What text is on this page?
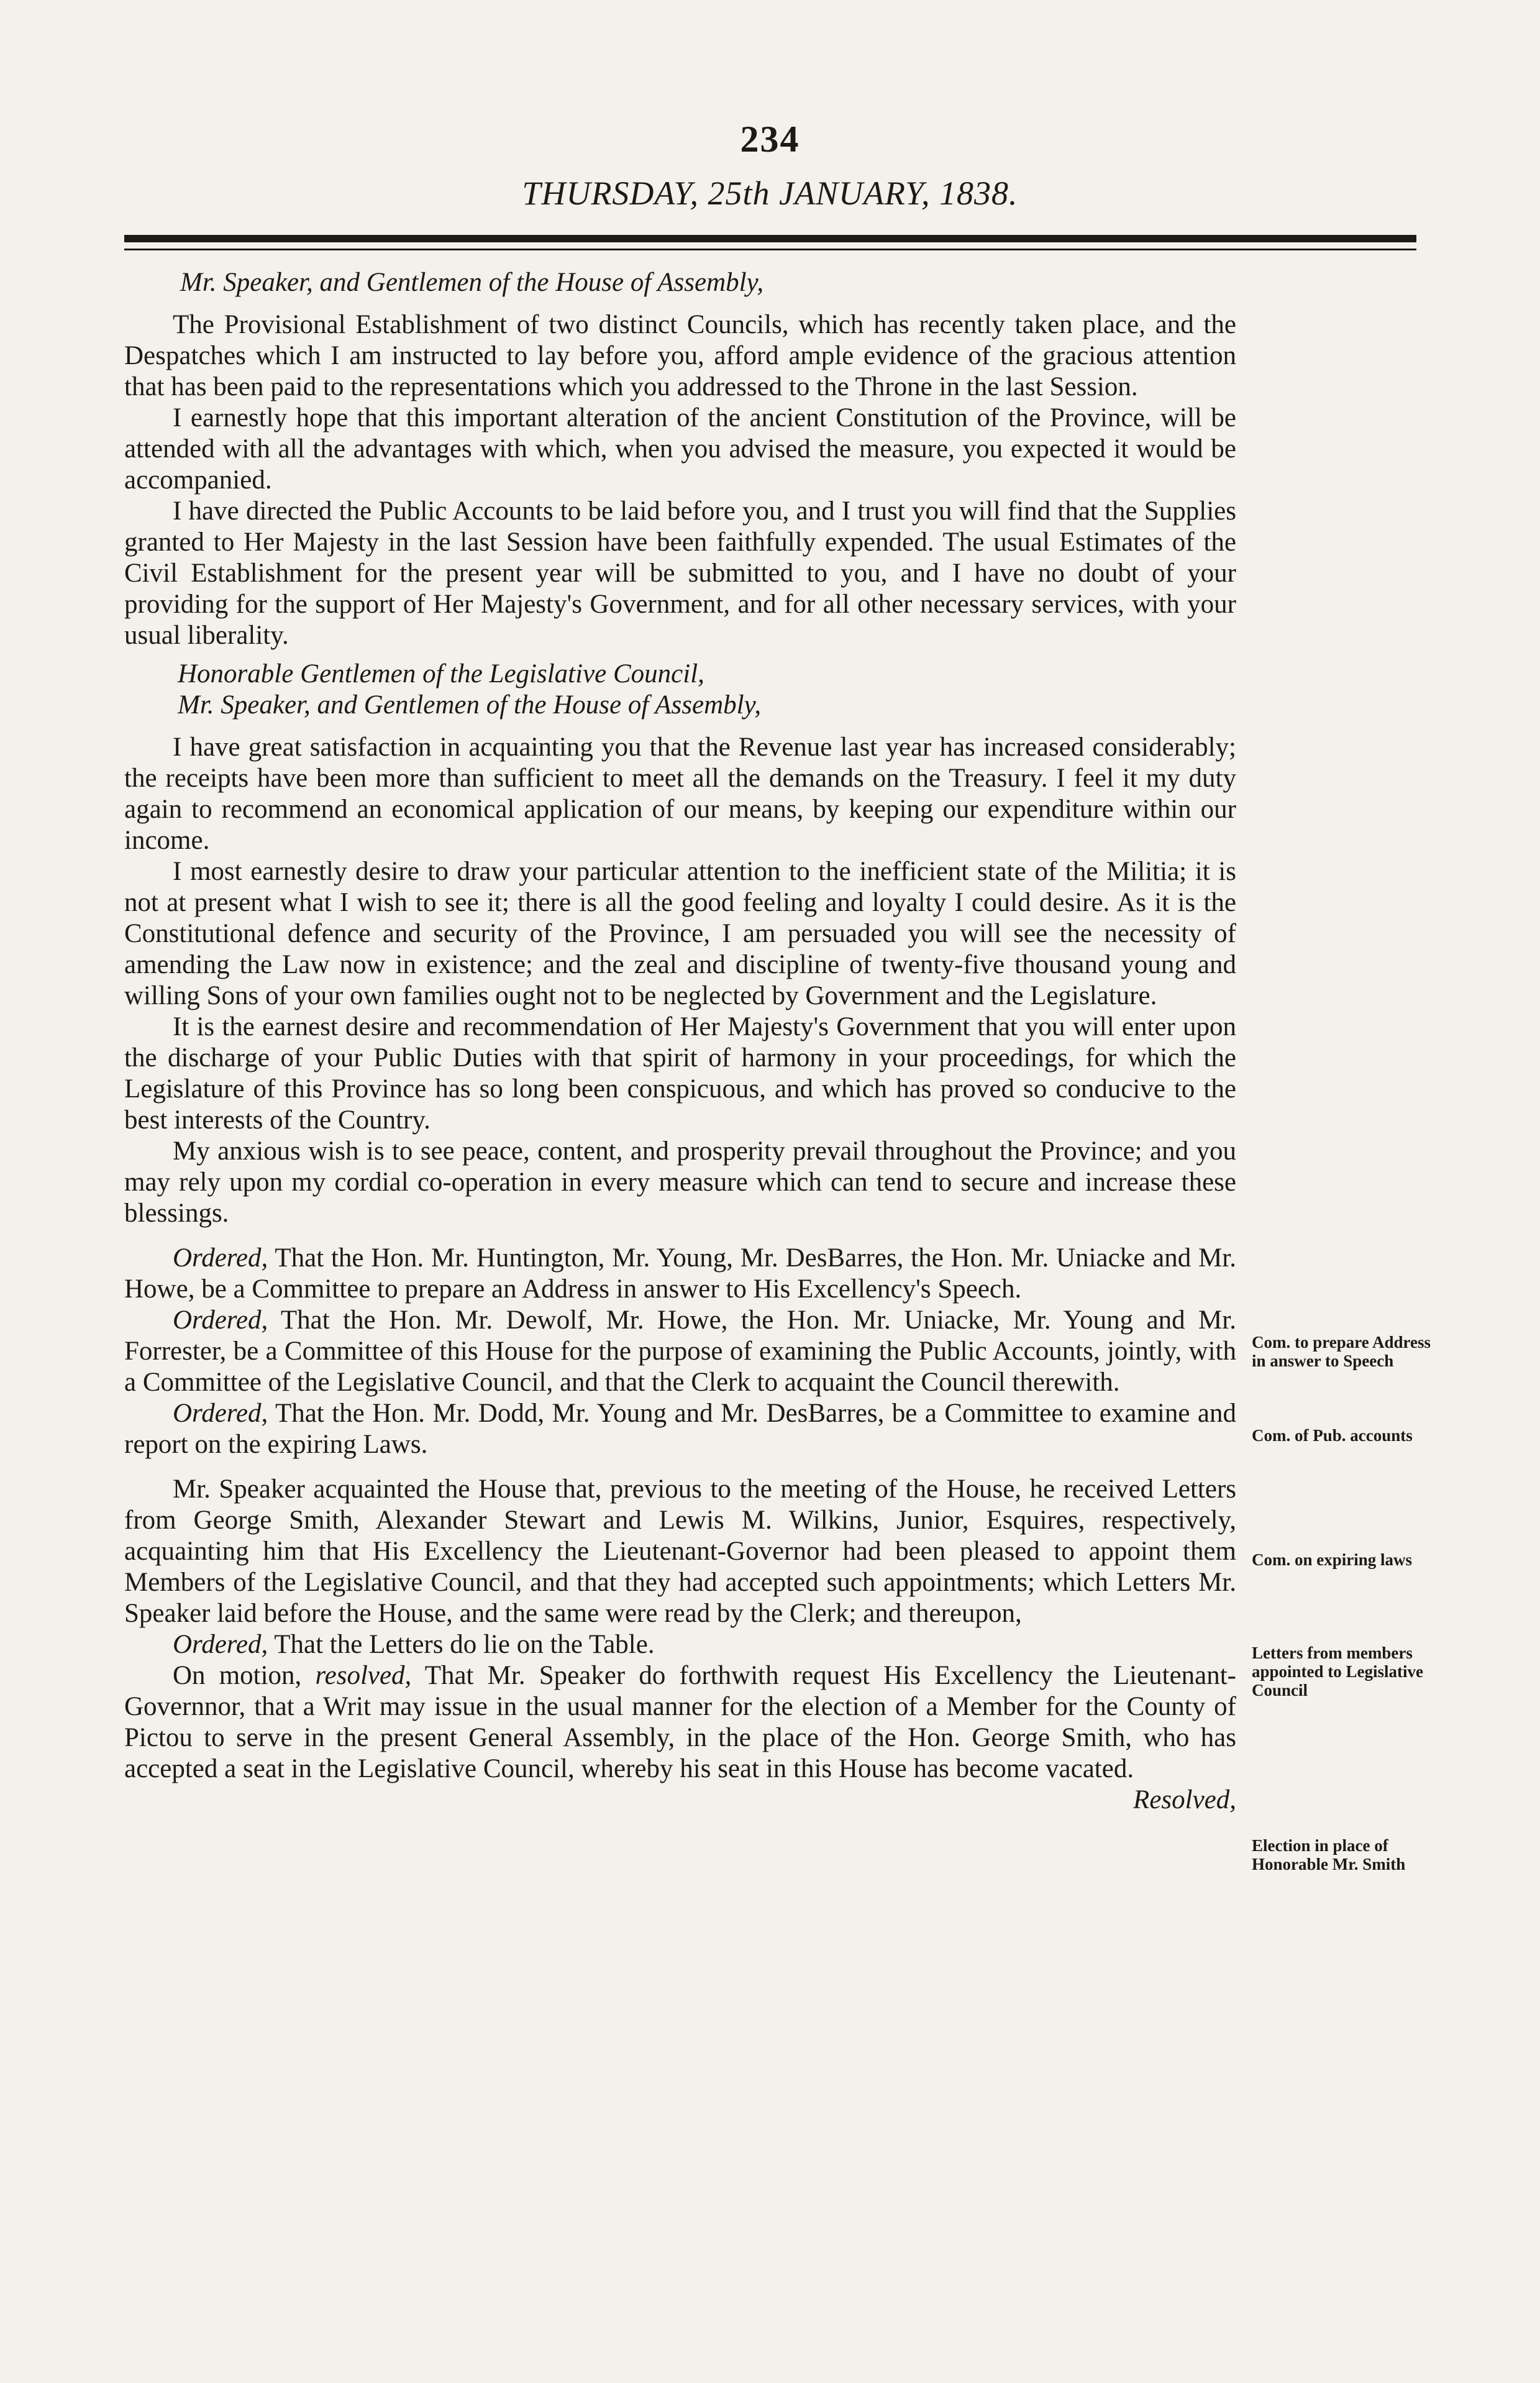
234
THURSDAY, 25th JANUARY, 1838.

Mr. Speaker, and Gentlemen of the House of Assembly,

The Provisional Establishment of two distinct Councils, which has recently taken place, and the Despatches which I am instructed to lay before you, afford ample evidence of the gracious attention that has been paid to the representations which you addressed to the Throne in the last Session.

I earnestly hope that this important alteration of the ancient Constitution of the Province, will be attended with all the advantages with which, when you advised the measure, you expected it would be accompanied.

I have directed the Public Accounts to be laid before you, and I trust you will find that the Supplies granted to Her Majesty in the last Session have been faithfully expended. The usual Estimates of the Civil Establishment for the present year will be submitted to you, and I have no doubt of your providing for the support of Her Majesty's Government, and for all other necessary services, with your usual liberality.

Honorable Gentlemen of the Legislative Council,

Mr. Speaker, and Gentlemen of the House of Assembly,

I have great satisfaction in acquainting you that the Revenue last year has increased considerably; the receipts have been more than sufficient to meet all the demands on the Treasury. I feel it my duty again to recommend an economical application of our means, by keeping our expenditure within our income.

I most earnestly desire to draw your particular attention to the inefficient state of the Militia; it is not at present what I wish to see it; there is all the good feeling and loyalty I could desire. As it is the Constitutional defence and security of the Province, I am persuaded you will see the necessity of amending the Law now in existence; and the zeal and discipline of twenty-five thousand young and willing Sons of your own families ought not to be neglected by Government and the Legislature.

It is the earnest desire and recommendation of Her Majesty's Government that you will enter upon the discharge of your Public Duties with that spirit of harmony in your proceedings, for which the Legislature of this Province has so long been conspicuous, and which has proved so conducive to the best interests of the Country.

My anxious wish is to see peace, content, and prosperity prevail throughout the Province; and you may rely upon my cordial co-operation in every measure which can tend to secure and increase these blessings.

Ordered, That the Hon. Mr. Huntington, Mr. Young, Mr. DesBarres, the Hon. Mr. Uniacke and Mr. Howe, be a Committee to prepare an Address in answer to His Excellency's Speech.

Ordered, That the Hon. Mr. Dewolf, Mr. Howe, the Hon. Mr. Uniacke, Mr. Young and Mr. Forrester, be a Committee of this House for the purpose of examining the Public Accounts, jointly, with a Committee of the Legislative Council, and that the Clerk to acquaint the Council therewith.

Ordered, That the Hon. Mr. Dodd, Mr. Young and Mr. DesBarres, be a Committee to examine and report on the expiring Laws.

Mr. Speaker acquainted the House that, previous to the meeting of the House, he received Letters from George Smith, Alexander Stewart and Lewis M. Wilkins, Junior, Esquires, respectively, acquainting him that His Excellency the Lieutenant-Governor had been pleased to appoint them Members of the Legislative Council, and that they had accepted such appointments; which Letters Mr. Speaker laid before the House, and the same were read by the Clerk; and thereupon,

Ordered, That the Letters do lie on the Table.

On motion, resolved, That Mr. Speaker do forthwith request His Excellency the Lieutenant-Governnor, that a Writ may issue in the usual manner for the election of a Member for the County of Pictou to serve in the present General Assembly, in the place of the Hon. George Smith, who has accepted a seat in the Legislative Council, whereby his seat in this House has become vacated.

Resolved,

Com. to prepare Address in answer to Speech
Com. of Pub. accounts
Com. on expiring laws
Letters from members appointed to Legislative Council
Election in place of Honorable Mr. Smith
